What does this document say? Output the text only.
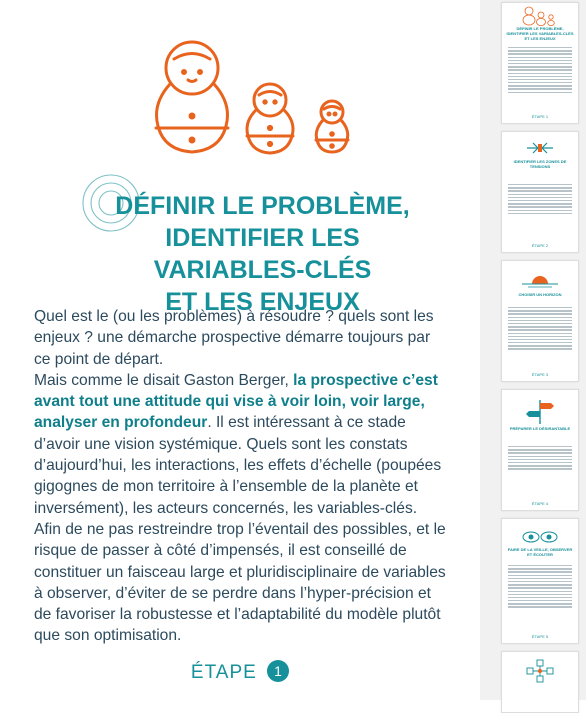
DÉFINIR LE PROBLÈME,
IDENTIFIER LES VARIABLES-CLÉS
ET LES ENJEUX

Quel est le (ou les problèmes) à résoudre ? quels sont les enjeux ? une démarche prospective démarre toujours par ce point de départ.

Mais comme le disait Gaston Berger, la prospective c’est avant tout une attitude qui vise à voir loin, voir large, analyser en profondeur. Il est intéressant à ce stade d’avoir une vision systémique. Quels sont les constats d’aujourd’hui, les interactions, les effets d’échelle (poupées gigognes de mon territoire à l’ensemble de la planète et inversément), les acteurs concernés, les variables-clés.

Afin de ne pas restreindre trop l’éventail des possibles, et le risque de passer à côté d’impensés, il est conseillé de constituer un faisceau large et pluridisciplinaire de variables à observer, d’éviter de se perdre dans l’hyper-précision et de favoriser la robustesse et l’adaptabilité du modèle plutôt que son optimisation.

ÉTAPE 1
DÉFINIR LE PROBLÈME, IDENTIFIER LES VARIABLES-CLÉS ET LES ENJEUX
ÉTAPE 1
IDENTIFIER LES ZONES DE TENSIONS
ÉTAPE 2
CHOISIR UN HORIZON
ÉTAPE 3
PRÉPARER LE DÉSIRANTABLE
ÉTAPE 4
FAIRE DE LA VEILLE, OBSERVER ET ÉCOUTER
ÉTAPE 5
